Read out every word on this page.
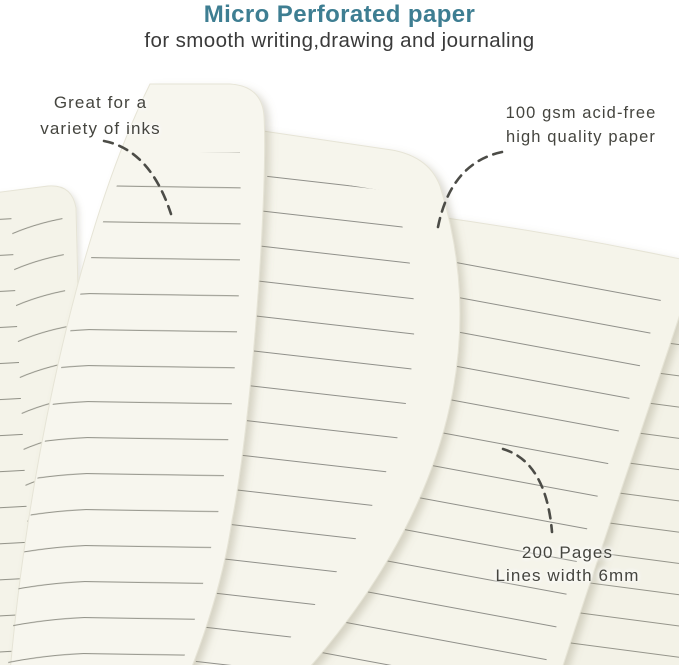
Micro Perforated paper
for smooth writing,drawing and journaling
Great for a
variety of inks
100 gsm acid-free
high quality paper
200 Pages
Lines width 6mm
